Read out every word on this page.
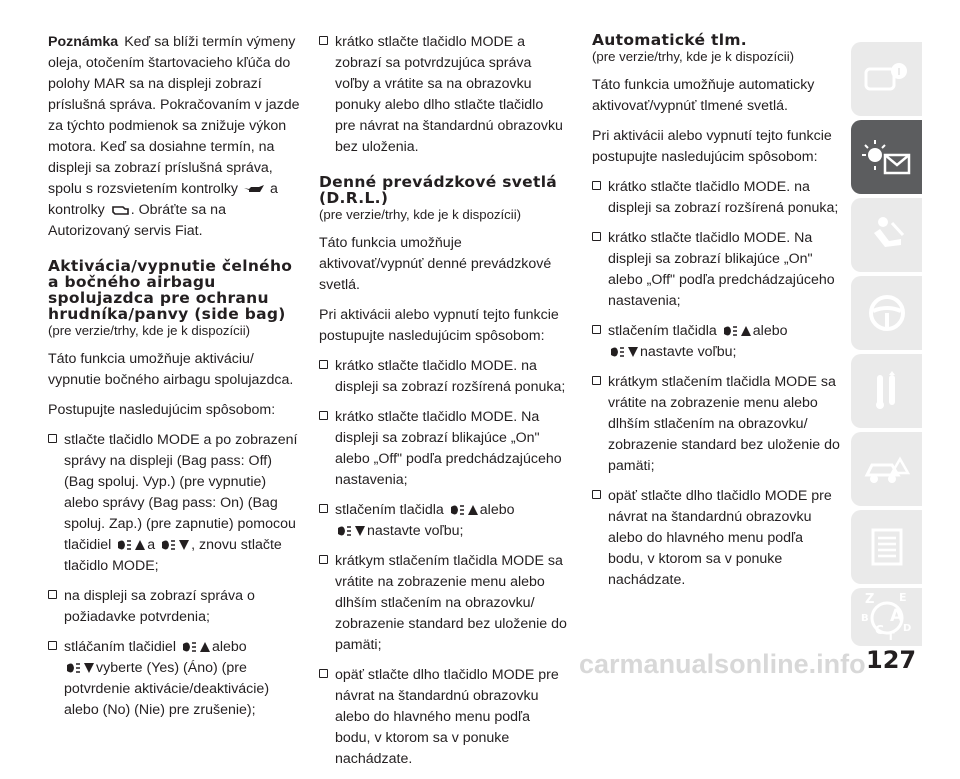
Poznámka Keď sa blíži termín výmeny oleja, otočením štartovacieho kľúča do polohy MAR sa na displeji zobrazí príslušná správa. Pokračovaním v jazde za týchto podmienok sa znižuje výkon motora. Keď sa dosiahne termín, na displeji sa zobrazí príslušná správa, spolu s rozsvietením kontrolky a kontrolky . Obráťte sa na Autorizovaný servis Fiat.

Aktivácia/vypnutie čelného a bočného airbagu spolujazdca pre ochranu hrudníka/panvy (side bag)
(pre verzie/trhy, kde je k dispozícii)

Táto funkcia umožňuje aktiváciu/ vypnutie bočného airbagu spolujazdca.

Postupujte nasledujúcim spôsobom:

stlačte tlačidlo MODE a po zobrazení správy na displeji (Bag pass: Off) (Bag spoluj. Vyp.) (pre vypnutie) alebo správy (Bag pass: On) (Bag spoluj. Zap.) (pre zapnutie) pomocou tlačidiel	a	, znovu stlačte tlačidlo MODE;

na displeji sa zobrazí správa o požiadavke potvrdenia;

stláčaním tlačidiel	alebo
vyberte (Yes) (Áno) (pre potvrdenie aktivácie/deaktivácie) alebo (No) (Nie) pre zrušenie);

krátko stlačte tlačidlo MODE a zobrazí sa potvrdzujúca správa voľby a vrátite sa na obrazovku ponuky alebo dlho stlačte tlačidlo pre návrat na štandardnú obrazovku bez uloženia.

Denné prevádzkové svetlá (D.R.L.)
(pre verzie/trhy, kde je k dispozícii)

Táto funkcia umožňuje aktivovať/vypnúť denné prevádzkové svetlá.

Pri aktivácii alebo vypnutí tejto funkcie postupujte nasledujúcim spôsobom:

krátko stlačte tlačidlo MODE. na displeji sa zobrazí rozšírená ponuka;

krátko stlačte tlačidlo MODE. Na displeji sa zobrazí blikajúce „On" alebo „Off" podľa predchádzajúceho nastavenia;

stlačením tlačidla	alebo
nastavte voľbu;

krátkym stlačením tlačidla MODE sa vrátite na zobrazenie menu alebo dlhším stlačením na obrazovku/ zobrazenie standard bez uloženie do pamäti;

opäť stlačte dlho tlačidlo MODE pre návrat na štandardnú obrazovku alebo do hlavného menu podľa bodu, v ktorom sa v ponuke nachádzate.

Automatické tlm.
(pre verzie/trhy, kde je k dispozícii)

Táto funkcia umožňuje automaticky aktivovať/vypnúť tlmené svetlá.

Pri aktivácii alebo vypnutí tejto funkcie postupujte nasledujúcim spôsobom:

krátko stlačte tlačidlo MODE. na displeji sa zobrazí rozšírená ponuka;

krátko stlačte tlačidlo MODE. Na displeji sa zobrazí blikajúce „On" alebo „Off" podľa predchádzajúceho nastavenia;

stlačením tlačidla	alebo
nastavte voľbu;

krátkym stlačením tlačidla MODE sa vrátite na zobrazenie menu alebo dlhším stlačením na obrazovku/ zobrazenie standard bez uloženie do pamäti;

opäť stlačte dlho tlačidlo MODE pre návrat na štandardnú obrazovku alebo do hlavného menu podľa bodu, v ktorom sa v ponuke nachádzate.

Z E
B A
C T
D
127
carmanualsonline.info
